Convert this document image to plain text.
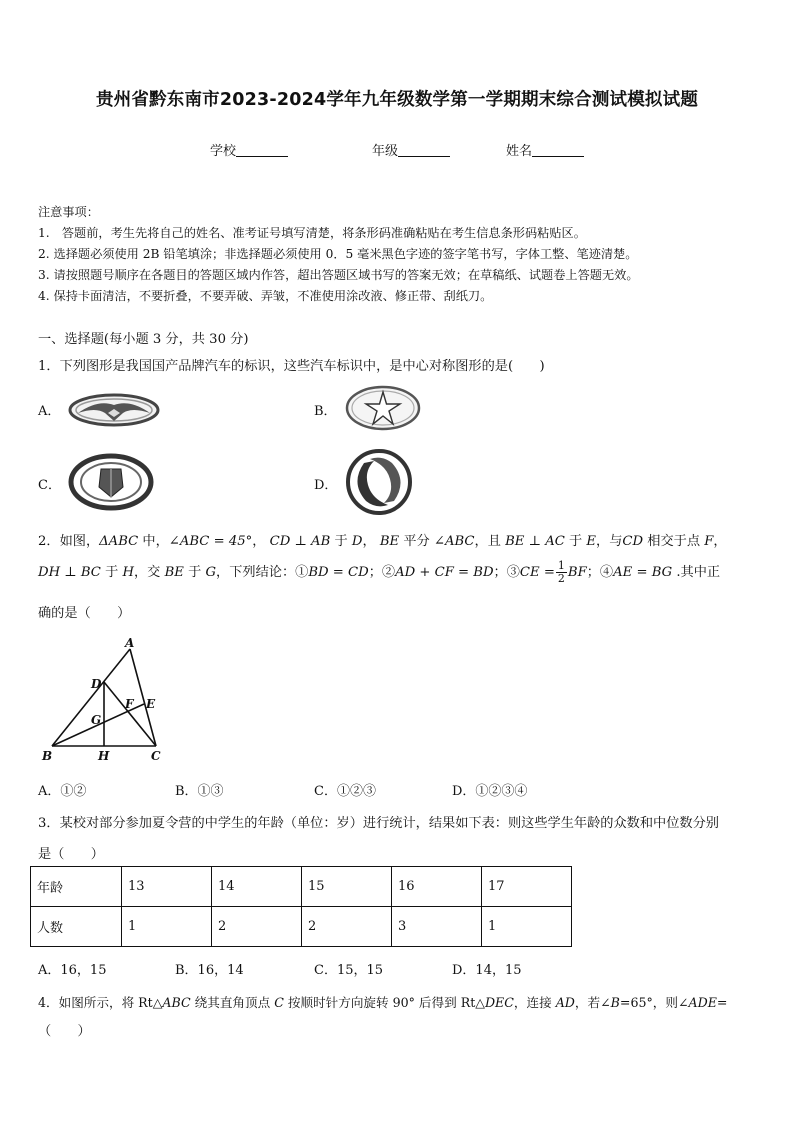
贵州省黔东南市2023-2024学年九年级数学第一学期期末综合测试模拟试题
学校	年级	姓名
注意事项：
1.　答题前，考生先将自己的姓名、准考证号填写清楚，将条形码准确粘贴在考生信息条形码粘贴区。
2. 选择题必须使用 2B 铅笔填涂；非选择题必须使用 0．5 毫米黑色字迹的签字笔书写，字体工整、笔迹清楚。
3. 请按照题号顺序在各题目的答题区域内作答，超出答题区域书写的答案无效；在草稿纸、试题卷上答题无效。
4. 保持卡面清洁，不要折叠，不要弄破、弄皱，不准使用涂改液、修正带、刮纸刀。
一、选择题(每小题 3 分，共 30 分)
1．下列图形是我国国产品牌汽车的标识，这些汽车标识中，是中心对称图形的是(　　)
A．	B．
C．	D．
2．如图，ΔABC 中，∠ABC = 45°， CD ⊥ AB 于 D， BE 平分 ∠ABC，且 BE ⊥ AC 于 E，与CD 相交于点 F，
DH ⊥ BC 于 H，交 BE 于 G，下列结论：①BD = CD；②AD + CF = BD；③CE = $\frac{1}{2}$ BF；④AE = BG .其中正
确的是（　　）
A
B	C
D
E
F
G
H
A．①②	B．①③	C．①②③	D．①②③④
3．某校对部分参加夏令营的中学生的年龄（单位：岁）进行统计，结果如下表：则这些学生年龄的众数和中位数分别
是（　　）
年龄	13	14	15	16	17
人数	1	2	2	3	1
A．16，15	B．16，14	C．15，15	D．14，15
4．如图所示，将 Rt△ABC 绕其直角顶点 C 按顺时针方向旋转 90° 后得到 Rt△DEC，连接 AD，若∠B=65°，则∠ADE=
（　　）
